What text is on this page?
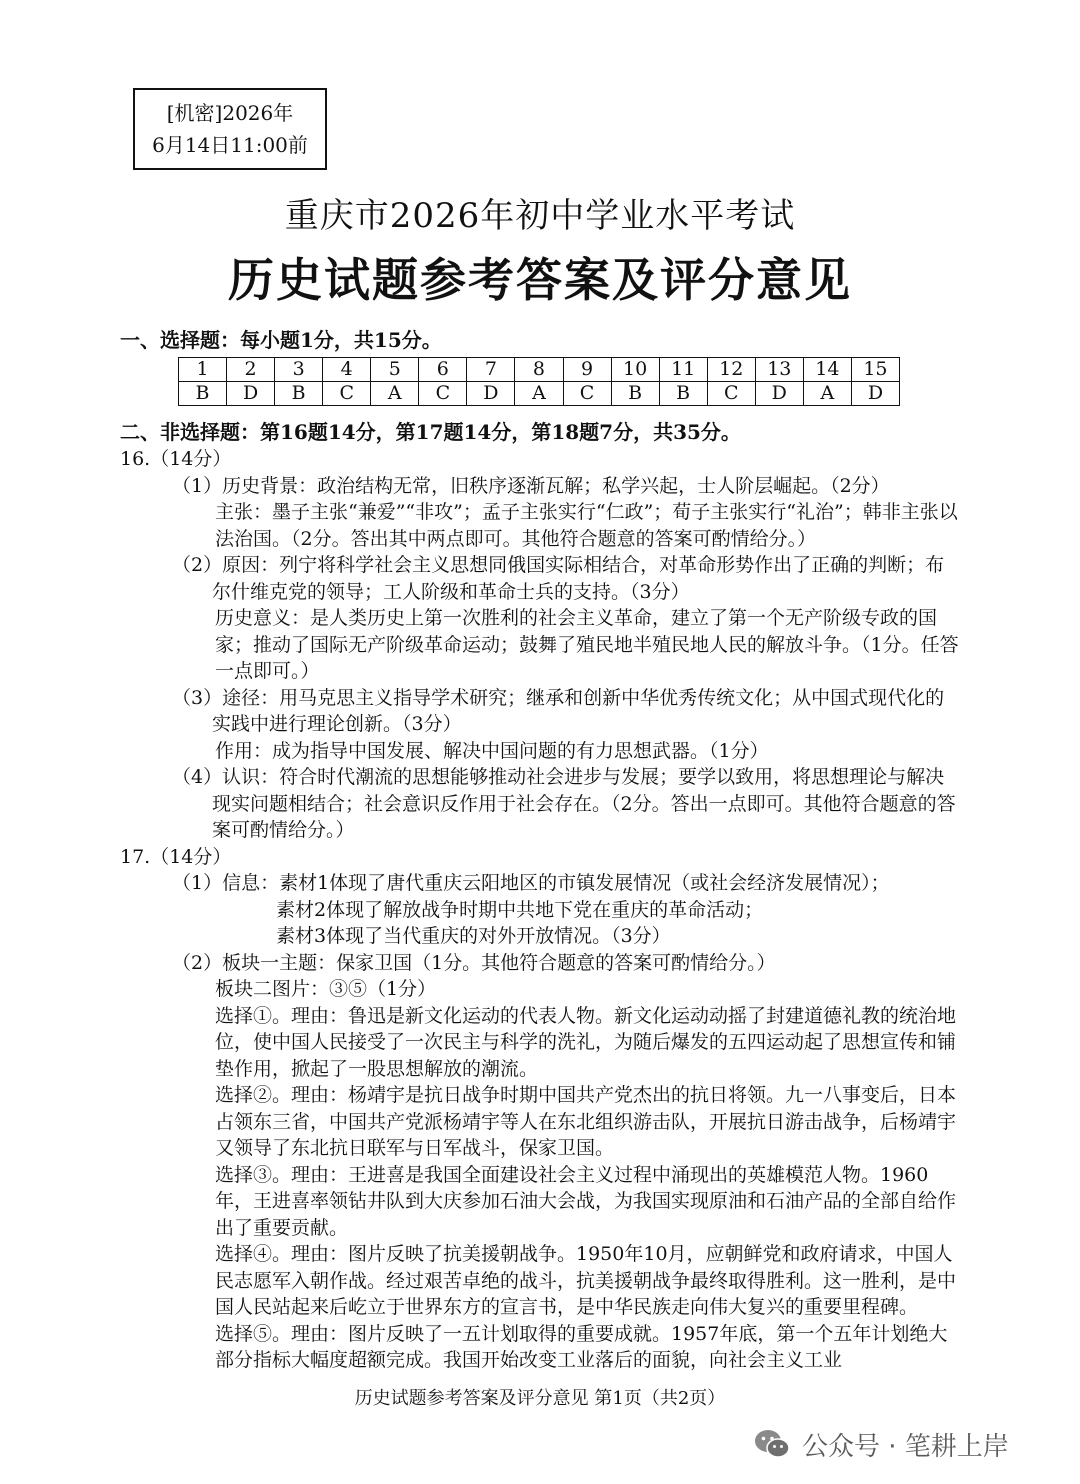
[机密]2026年
6月14日11:00前
重庆市2026年初中学业水平考试
历史试题参考答案及评分意见
一、选择题：每小题1分，共15分。
1	2	3	4	5	6	7	8	9	10	11	12	13	14	15
B	D	B	C	A	C	D	A	C	B	B	C	D	A	D
二、非选择题：第16题14分，第17题14分，第18题7分，共35分。

16.（14分）

（1）历史背景：政治结构无常，旧秩序逐渐瓦解；私学兴起，士人阶层崛起。（2分）

主张：墨子主张“兼爱”“非攻”；孟子主张实行“仁政”；荀子主张实行“礼治”；韩非主张以法治国。（2分。答出其中两点即可。其他符合题意的答案可酌情给分。）

（2）原因：列宁将科学社会主义思想同俄国实际相结合，对革命形势作出了正确的判断；布尔什维克党的领导；工人阶级和革命士兵的支持。（3分）

历史意义：是人类历史上第一次胜利的社会主义革命，建立了第一个无产阶级专政的国家；推动了国际无产阶级革命运动；鼓舞了殖民地半殖民地人民的解放斗争。（1分。任答一点即可。）

（3）途径：用马克思主义指导学术研究；继承和创新中华优秀传统文化；从中国式现代化的实践中进行理论创新。（3分）

作用：成为指导中国发展、解决中国问题的有力思想武器。（1分）

（4）认识：符合时代潮流的思想能够推动社会进步与发展；要学以致用，将思想理论与解决现实问题相结合；社会意识反作用于社会存在。（2分。答出一点即可。其他符合题意的答案可酌情给分。）

17.（14分）

（1）信息：素材1体现了唐代重庆云阳地区的市镇发展情况（或社会经济发展情况）；

素材2体现了解放战争时期中共地下党在重庆的革命活动；

素材3体现了当代重庆的对外开放情况。（3分）

（2）板块一主题：保家卫国（1分。其他符合题意的答案可酌情给分。）

板块二图片：③⑤（1分）

选择①。理由：鲁迅是新文化运动的代表人物。新文化运动动摇了封建道德礼教的统治地位，使中国人民接受了一次民主与科学的洗礼，为随后爆发的五四运动起了思想宣传和铺垫作用，掀起了一股思想解放的潮流。

选择②。理由：杨靖宇是抗日战争时期中国共产党杰出的抗日将领。九一八事变后，日本占领东三省，中国共产党派杨靖宇等人在东北组织游击队，开展抗日游击战争，后杨靖宇又领导了东北抗日联军与日军战斗，保家卫国。

选择③。理由：王进喜是我国全面建设社会主义过程中涌现出的英雄模范人物。1960年，王进喜率领钻井队到大庆参加石油大会战，为我国实现原油和石油产品的全部自给作出了重要贡献。

选择④。理由：图片反映了抗美援朝战争。1950年10月，应朝鲜党和政府请求，中国人民志愿军入朝作战。经过艰苦卓绝的战斗，抗美援朝战争最终取得胜利。这一胜利，是中国人民站起来后屹立于世界东方的宣言书，是中华民族走向伟大复兴的重要里程碑。

选择⑤。理由：图片反映了一五计划取得的重要成就。1957年底，第一个五年计划绝大部分指标大幅度超额完成。我国开始改变工业落后的面貌，向社会主义工业

历史试题参考答案及评分意见 第1页（共2页）
公众号 · 笔耕上岸
